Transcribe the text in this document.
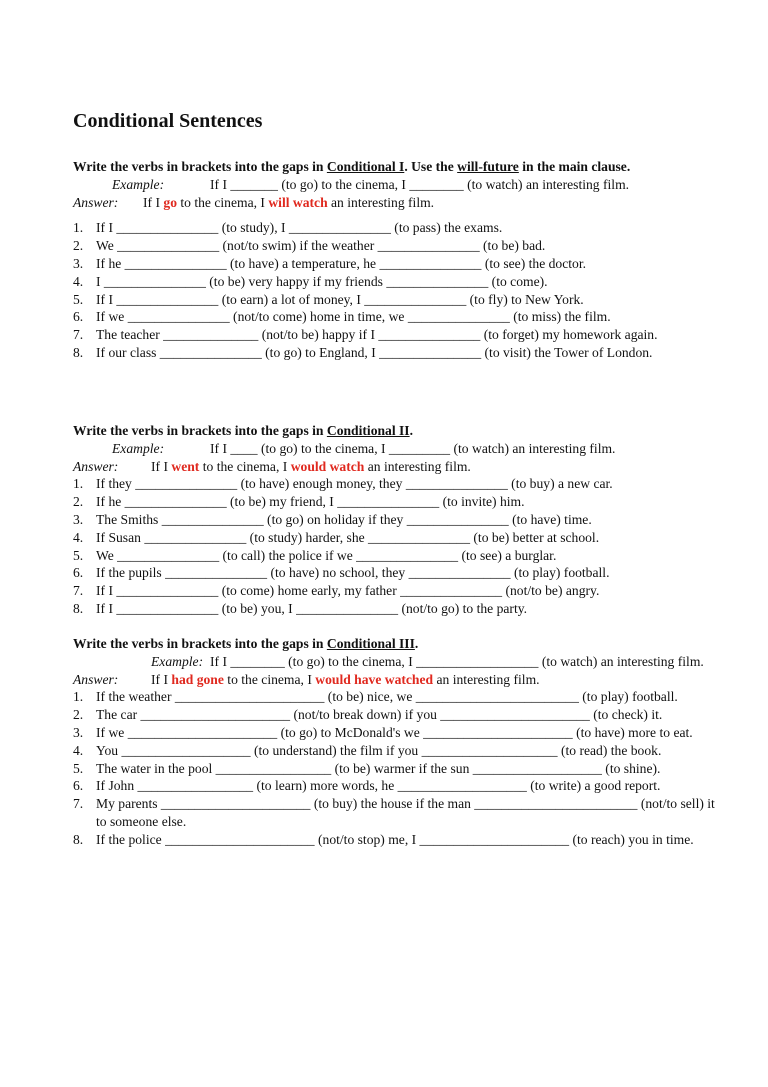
Conditional Sentences
Write the verbs in brackets into the gaps in Conditional I. Use the will-future in the main clause.
Example:	If I _______ (to go) to the cinema, I ________ (to watch) an interesting film.
Answer: If I go to the cinema, I will watch an interesting film.
1. If I _______________ (to study), I _______________ (to pass) the exams.
2. We _______________ (not/to swim) if the weather _______________ (to be) bad.
3. If he _______________ (to have) a temperature, he _______________ (to see) the doctor.
4. I _______________ (to be) very happy if my friends _______________ (to come).
5. If I _______________ (to earn) a lot of money, I _______________ (to fly) to New York.
6. If we _______________ (not/to come) home in time, we _______________ (to miss) the film.
7. The teacher ______________ (not/to be) happy if I _______________ (to forget) my homework again.
8. If our class _______________ (to go) to England, I _______________ (to visit) the Tower of London.
Write the verbs in brackets into the gaps in Conditional II.
Example:	If I ____ (to go) to the cinema, I _________ (to watch) an interesting film.
Answer: If I went to the cinema, I would watch an interesting film.
1. If they _______________ (to have) enough money, they _______________ (to buy) a new car.
2. If he _______________ (to be) my friend, I _______________ (to invite) him.
3. The Smiths _______________ (to go) on holiday if they _______________ (to have) time.
4. If Susan _______________ (to study) harder, she _______________ (to be) better at school.
5. We _______________ (to call) the police if we _______________ (to see) a burglar.
6. If the pupils _______________ (to have) no school, they _______________ (to play) football.
7. If I _______________ (to come) home early, my father _______________ (not/to be) angry.
8. If I _______________ (to be) you, I _______________ (not/to go) to the party.
Write the verbs in brackets into the gaps in Conditional III.
Example: If I ________ (to go) to the cinema, I __________________ (to watch) an interesting film.
Answer: If I had gone to the cinema, I would have watched an interesting film.
1. If the weather ______________________ (to be) nice, we ________________________ (to play) football.
2. The car ______________________ (not/to break down) if you ______________________ (to check) it.
3. If we ______________________ (to go) to McDonald's we ______________________ (to have) more to eat.
4. You ___________________ (to understand) the film if you ____________________ (to read) the book.
5. The water in the pool _________________ (to be) warmer if the sun ___________________ (to shine).
6. If John _________________ (to learn) more words, he ___________________ (to write) a good report.
7. My parents ______________________ (to buy) the house if the man ________________________ (not/to sell) it to someone else.
8. If the police ______________________ (not/to stop) me, I ______________________ (to reach) you in time.
